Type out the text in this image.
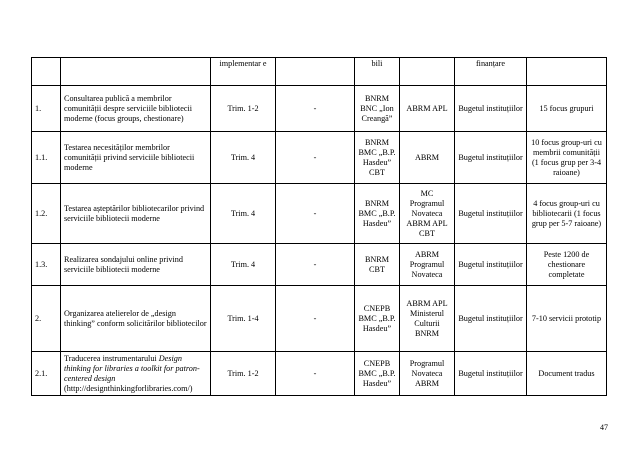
		implementar e		bili		finanțare	
1.	Consultarea publică a membrilor comunității despre serviciile bibliotecii moderne (focus groups, chestionare)	Trim. 1-2	-	BNRM BNC „Ion Creangă”	ABRM APL	Bugetul instituțiilor	15 focus grupuri
1.1.	Testarea necesităților membrilor comunității privind serviciile bibliotecii moderne	Trim. 4	-	BNRM BMC „B.P. Hasdeu” CBT	ABRM	Bugetul instituțiilor	10 focus group-uri cu membrii comunității (1 focus grup per 3-4 raioane)
1.2.	Testarea așteptărilor bibliotecarilor privind serviciile bibliotecii moderne	Trim. 4	-	BNRM BMC „B.P. Hasdeu”	MC Programul Novateca ABRM APL CBT	Bugetul instituțiilor	4 focus group-uri cu bibliotecarii (1 focus grup per 5-7 raioane)
1.3.	Realizarea sondajului online privind serviciile bibliotecii moderne	Trim. 4	-	BNRM CBT	ABRM Programul Novateca	Bugetul instituțiilor	Peste 1200 de chestionare completate
2.	Organizarea atelierelor de „design thinking” conform solicitărilor bibliotecilor	Trim. 1-4	-	CNEPB BMC „B.P. Hasdeu”	ABRM APL Ministerul Culturii BNRM	Bugetul instituțiilor	7-10 servicii prototip
2.1.	Traducerea instrumentarului Design thinking for libraries a toolkit for patron-centered design (http://designthinkingforlibraries.com/)	Trim. 1-2	-	CNEPB BMC „B.P. Hasdeu”	Programul Novateca ABRM	Bugetul instituțiilor	Document tradus
47
